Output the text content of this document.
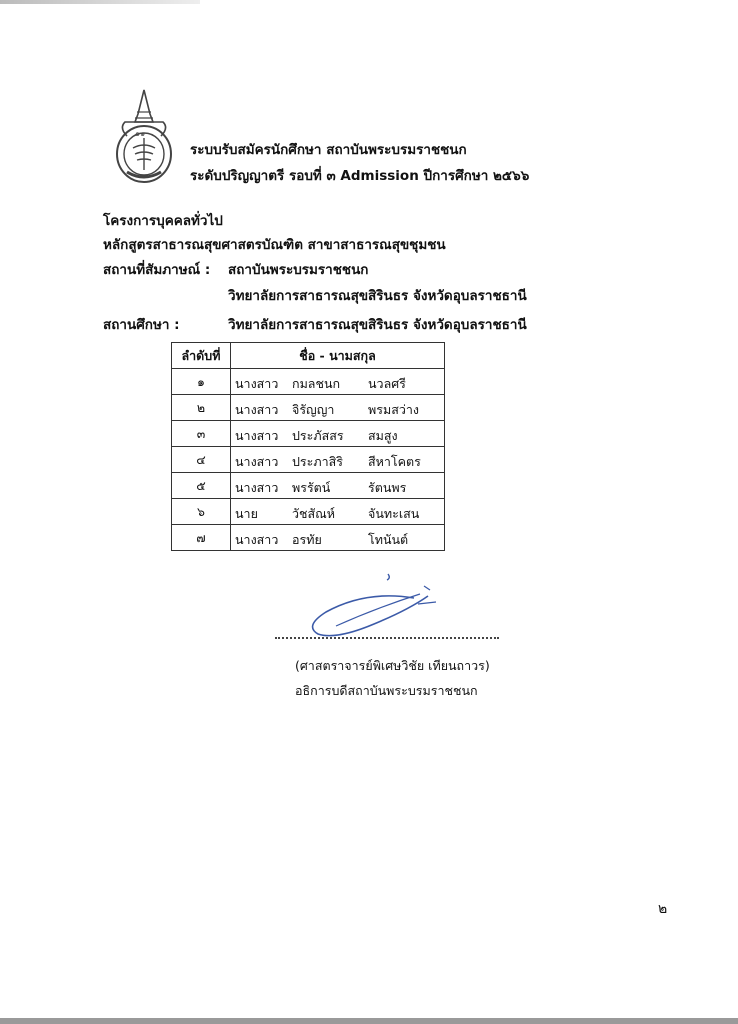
๑๑
ระบบรับสมัครนักศึกษา สถาบันพระบรมราชชนก
ระดับปริญญาตรี รอบที่ ๓ Admission ปีการศึกษา ๒๕๖๖
โครงการบุคคลทั่วไป
หลักสูตรสาธารณสุขศาสตรบัณฑิต สาขาสาธารณสุขชุมชน
สถานที่สัมภาษณ์ : สถาบันพระบรมราชชนก
วิทยาลัยการสาธารณสุขสิรินธร จังหวัดอุบลราชธานี
สถานศึกษา :	วิทยาลัยการสาธารณสุขสิรินธร จังหวัดอุบลราชธานี
ลำดับที่	ชื่อ - นามสกุล
๑	นางสาว กมลชนก นวลศรี

๒	นางสาว จิรัญญา พรมสว่าง

๓	นางสาว ประภัสสร สมสูง

๔	นางสาว ประภาสิริ สีหาโคตร

๕	นางสาว พรรัตน์ รัตนพร

๖	นาย วัชสัณห์ จันทะเสน

๗	นางสาว อรทัย โทนันต์
(ศาสตราจารย์พิเศษวิชัย เทียนถาวร)
อธิการบดีสถาบันพระบรมราชชนก
๒
